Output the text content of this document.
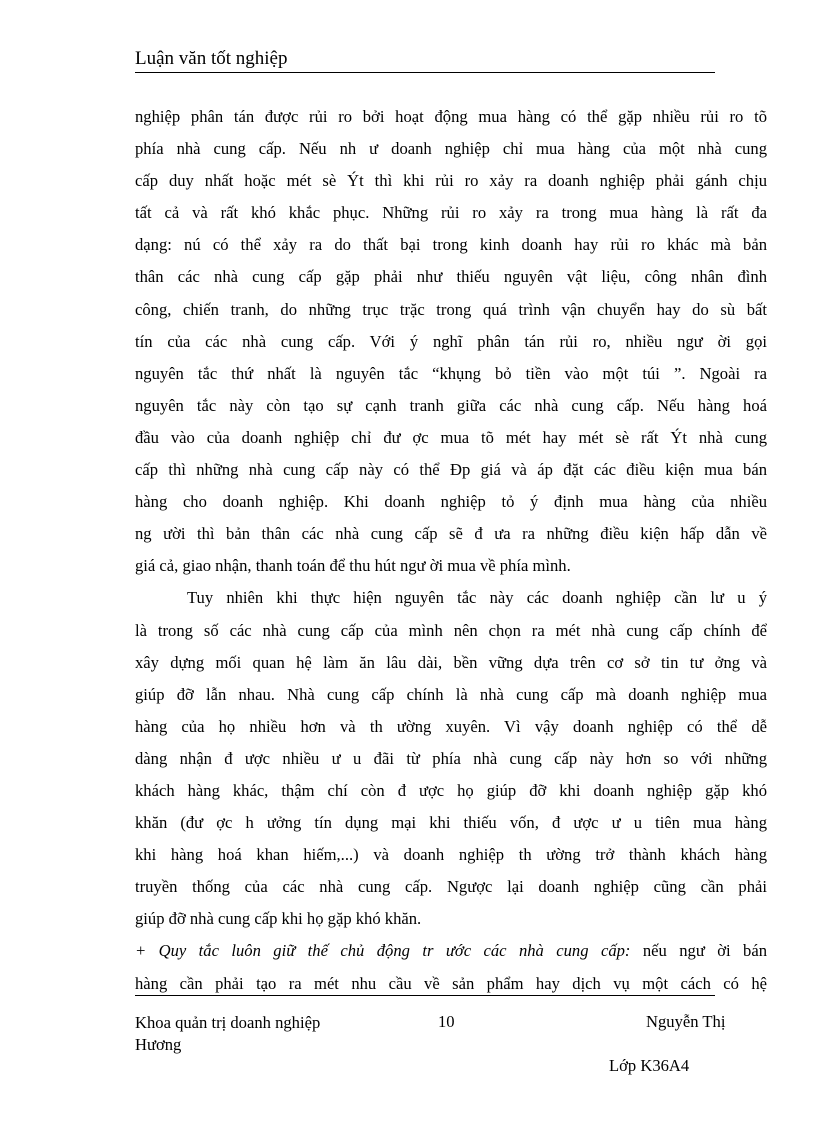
Luận văn tốt nghiệp
nghiệp phân tán được rủi ro bởi hoạt động mua hàng có thể gặp nhiều rủi ro tõ
phía nhà cung cấp. Nếu nh ư doanh nghiệp chỉ mua hàng của một nhà cung
cấp duy nhất hoặc mét sè Ýt thì khi rủi ro xảy ra doanh nghiệp phải gánh chịu
tất cả và rất khó khắc phục. Những rủi ro xảy ra trong mua hàng là rất đa
dạng: nú có thể xảy ra do thất bại trong kinh doanh hay rủi ro khác mà bản
thân các nhà cung cấp gặp phải như thiếu nguyên vật liệu, công nhân đình
công, chiến tranh, do những trục trặc trong quá trình vận chuyển hay do sù bất
tín của các nhà cung cấp. Với ý nghĩ phân tán rủi ro, nhiều ngư ời gọi
nguyên tắc thứ nhất là nguyên tắc “khụng bỏ tiền vào một túi ”. Ngoài ra
nguyên tắc này còn tạo sự cạnh tranh giữa các nhà cung cấp. Nếu hàng hoá
đầu vào của doanh nghiệp chỉ đư ợc mua tõ mét hay mét sè rất Ýt nhà cung
cấp thì những nhà cung cấp này có thể Ðp giá và áp đặt các điều kiện mua bán
hàng cho doanh nghiệp. Khi doanh nghiệp tỏ ý định mua hàng của nhiều
ng ười thì bản thân các nhà cung cấp sẽ đ ưa ra những điều kiện hấp dẫn về
giá cả, giao nhận, thanh toán để thu hút ngư ời mua về phía mình.
Tuy nhiên khi thực hiện nguyên tắc này các doanh nghiệp cần lư u ý
là trong số các nhà cung cấp của mình nên chọn ra mét nhà cung cấp chính để
xây dựng mối quan hệ làm ăn lâu dài, bền vững dựa trên cơ sở tin tư ởng và
giúp đỡ lẫn nhau. Nhà cung cấp chính là nhà cung cấp mà doanh nghiệp mua
hàng của họ nhiều hơn và th ường xuyên. Vì vậy doanh nghiệp có thể dễ
dàng nhận đ ược nhiều ư u đãi từ phía nhà cung cấp này hơn so với những
khách hàng khác, thậm chí còn đ ược họ giúp đỡ khi doanh nghiệp gặp khó
khăn (đư ợc h ưởng tín dụng mại khi thiếu vốn, đ ược ư u tiên mua hàng
khi hàng hoá khan hiếm,...) và doanh nghiệp th ường trở thành khách hàng
truyền thống của các nhà cung cấp. Ngược lại doanh nghiệp cũng cần phải
giúp đỡ nhà cung cấp khi họ gặp khó khăn.
+ Quy tắc luôn giữ thế chủ động tr ước các nhà cung cấp: nếu ngư ời bán
hàng cần phải tạo ra mét nhu cầu về sản phẩm hay dịch vụ một cách có hệ
Khoa quản trị doanh nghiệp
Hương
10	Nguyễn Thị
Lớp K36A4
